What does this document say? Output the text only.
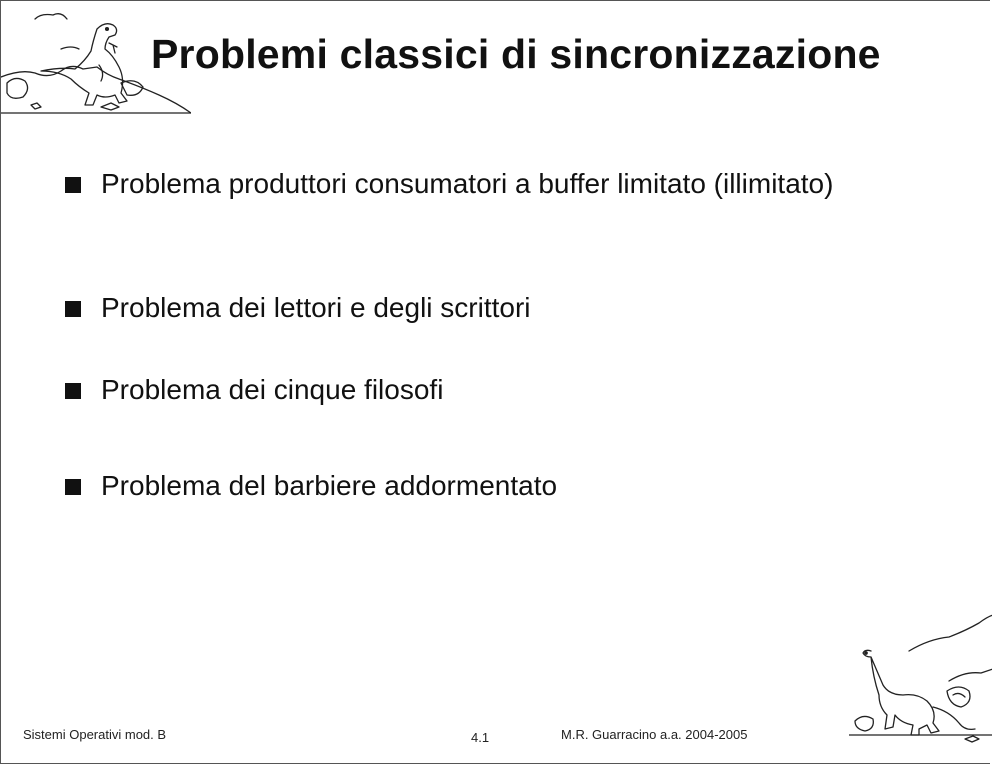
Problemi classici di sincronizzazione
Problema produttori consumatori a buffer limitato (illimitato)
Problema dei lettori e degli scrittori
Problema dei cinque filosofi
Problema del barbiere addormentato
Sistemi Operativi mod. B	4.1	M.R. Guarracino a.a. 2004-2005
